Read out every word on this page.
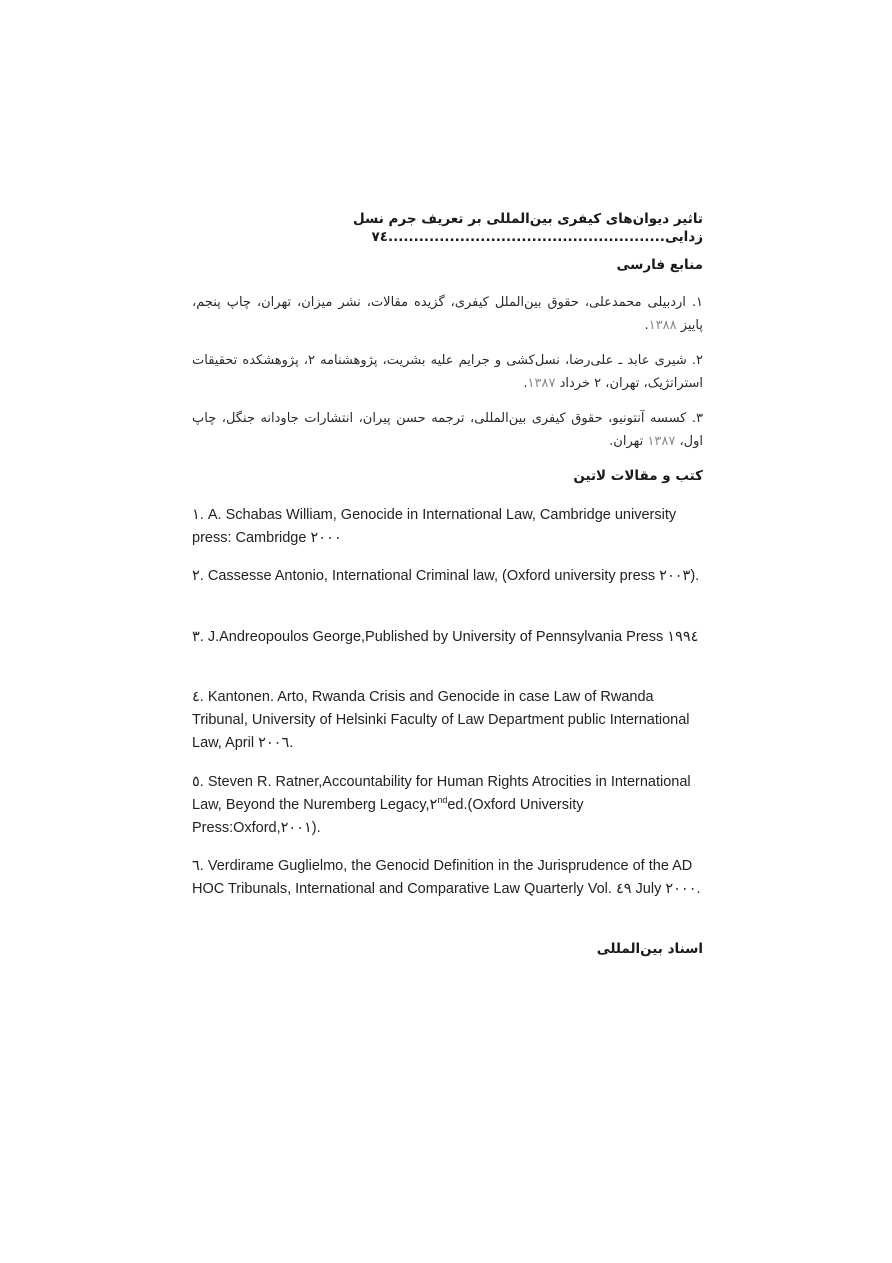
تاثیر دیوان‌های کیفری بین‌المللی بر تعریف جرم نسل
زدایی......................................................۷٤
منابع فارسی
۱. اردبیلی محمدعلی، حقوق بین‌الملل کیفری، گزیده مقالات، نشر میزان، تهران، چاپ پنجم، پاییز ۱۳۸۸.
۲. شیری عابد ـ علی‌رضا، نسل‌کشی و جرایم علیه بشریت، پژوهشنامه ۲، پژوهشکده تحقیقات استراتژیک، تهران، ۲ خرداد ۱۳۸۷.
۳. کسسه آنتونیو، حقوق کیفری بین‌المللی، ترجمه حسن پیران، انتشارات جاودانه جنگل، چاپ اول، ۱۳۸۷ تهران.
کتب و مقالات لاتین
١. A. Schabas William, Genocide in International Law, Cambridge university press: Cambridge ٢٠٠٠
٢. Cassesse Antonio, International Criminal law, (Oxford university press ٢٠٠٣).
٣. J.Andreopoulos George,Published by University of Pennsylvania Press ١٩٩٤
٤. Kantonen. Arto, Rwanda Crisis and Genocide in case Law of Rwanda Tribunal, University of Helsinki Faculty of Law Department public International Law, April ٢٠٠٦.
٥. Steven R. Ratner,Accountability for Human Rights Atrocities in International Law, Beyond the Nuremberg Legacy,٢nded.(Oxford University Press:Oxford,٢٠٠١).
٦. Verdirame Guglielmo, the Genocid Definition in the Jurisprudence of the AD HOC Tribunals, International and Comparative Law Quarterly Vol. ٤٩ July ٢٠٠٠.
اسناد بین‌المللی
